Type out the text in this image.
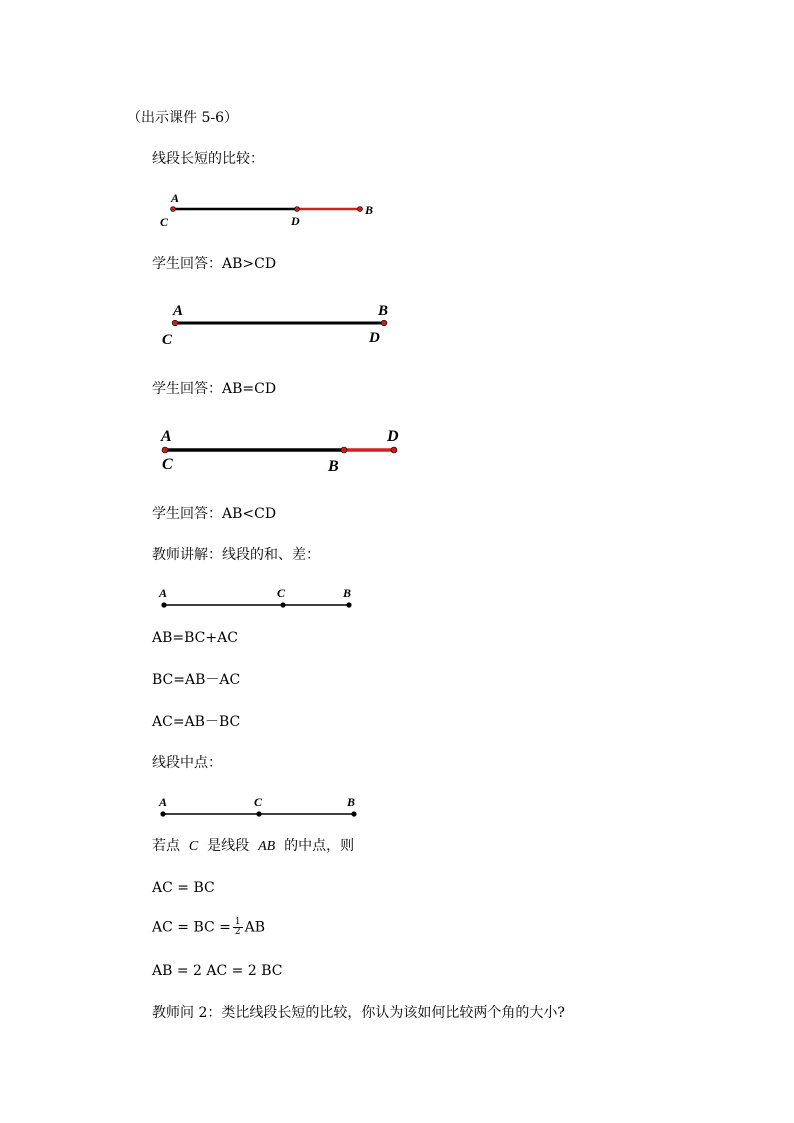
（出示课件 5-6）
线段长短的比较：
A
C	D
B
学生回答：AB>CD
A
C
B
D
学生回答：AB=CD
A
C	B
D
学生回答：AB<CD
教师讲解：线段的和、差：
A	C	B
AB=BC+AC
BC=AB－AC
AC=AB－BC
线段中点：
A	C	B
若点 C 是线段 AB 的中点，则
AC = BC
AC = BC = $\frac{1}{2}$ AB
AB = 2 AC = 2 BC
教师问 2：类比线段长短的比较，你认为该如何比较两个角的大小?
